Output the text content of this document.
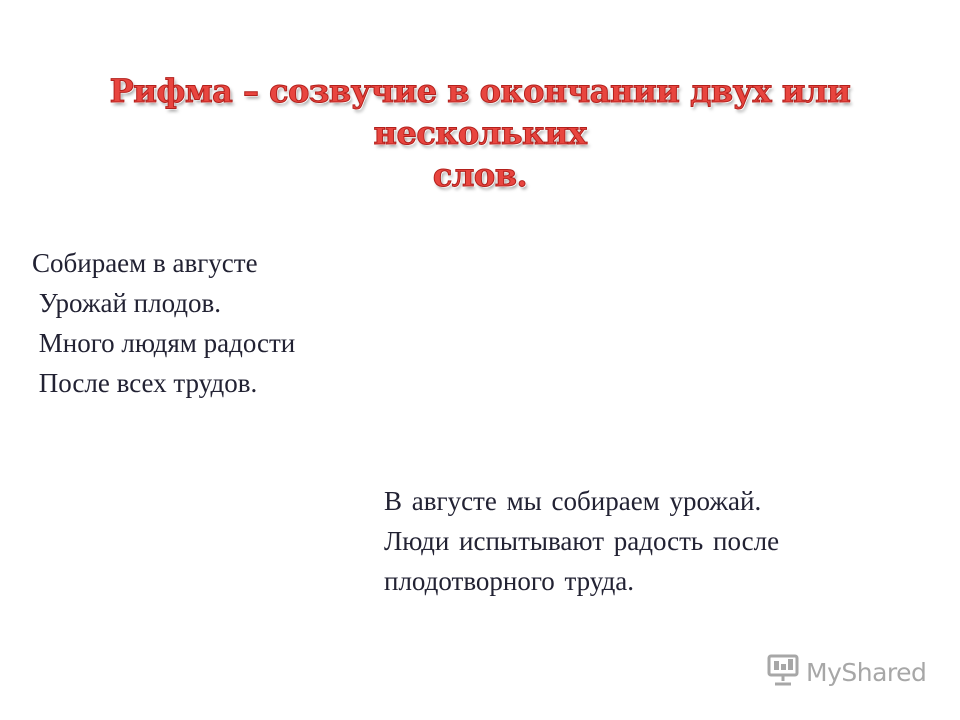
Рифма – созвучие в окончании двух или нескольких
слов.
Собираем в августе
Урожай плодов.
Много людям радости
После всех трудов.
В августе мы собираем урожай.
Люди испытывают радость после
плодотворного труда.
MyShared
